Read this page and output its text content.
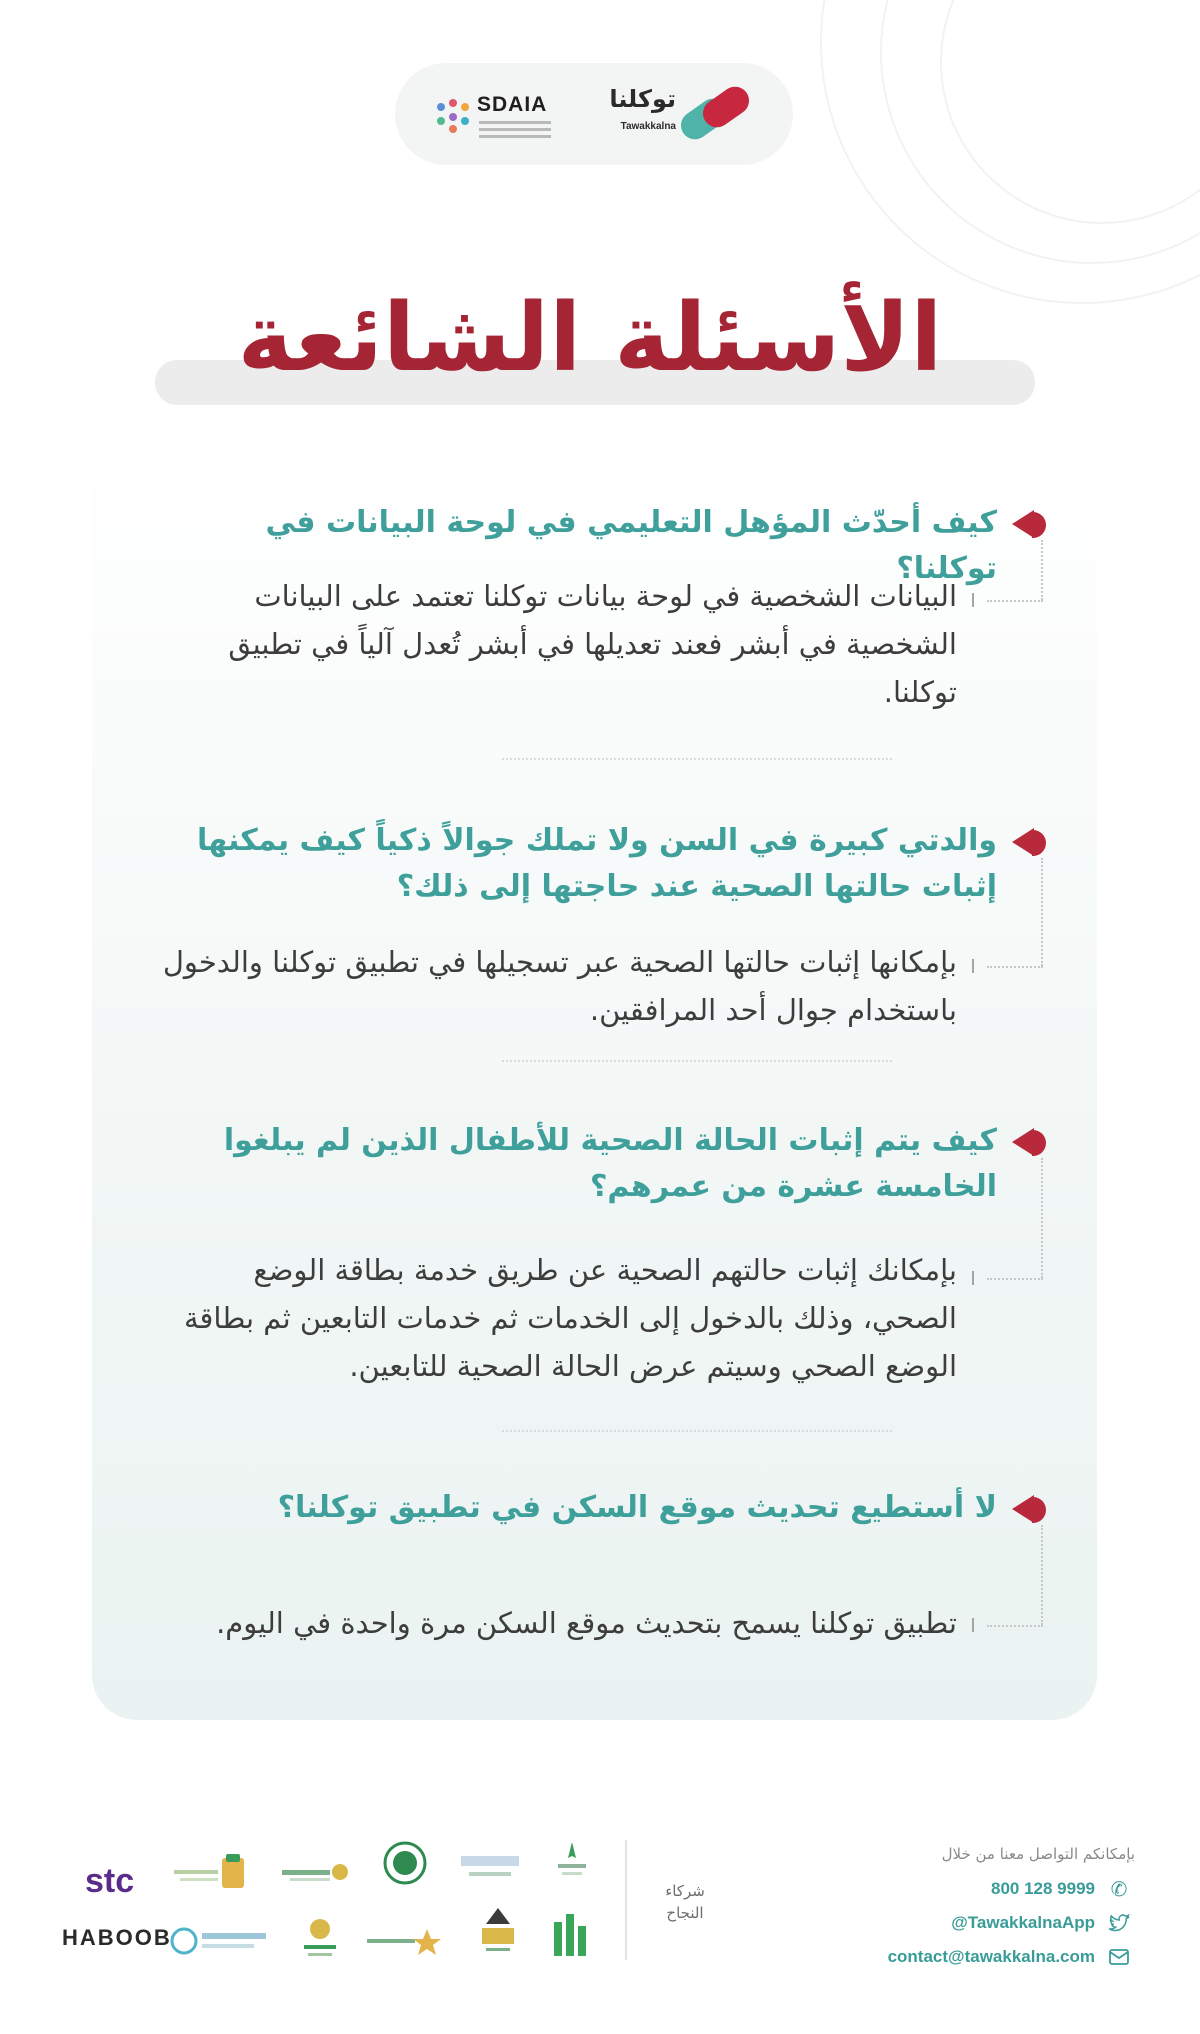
توكلنا
Tawakkalna
SDAIA
الأسئلة الشائعة
كيف أحدّث المؤهل التعليمي في لوحة البيانات في توكلنا؟
البيانات الشخصية في لوحة بيانات توكلنا تعتمد على البيانات الشخصية في أبشر فعند تعديلها في أبشر تُعدل آلياً في تطبيق توكلنا.
والدتي كبيرة في السن ولا تملك جوالاً ذكياً كيف يمكنها إثبات حالتها الصحية عند حاجتها إلى ذلك؟
بإمكانها إثبات حالتها الصحية عبر تسجيلها في تطبيق توكلنا والدخول باستخدام جوال أحد المرافقين.
كيف يتم إثبات الحالة الصحية للأطفال الذين لم يبلغوا الخامسة عشرة من عمرهم؟
بإمكانك إثبات حالتهم الصحية عن طريق خدمة بطاقة الوضع الصحي، وذلك بالدخول إلى الخدمات ثم خدمات التابعين ثم بطاقة الوضع الصحي وسيتم عرض الحالة الصحية للتابعين.
لا أستطيع تحديث موقع السكن في تطبيق توكلنا؟
تطبيق توكلنا يسمح بتحديث موقع السكن مرة واحدة في اليوم.
بإمكانكم التواصل معنا من خلال
✆
800 128 9999
@TawakkalnaApp
contact@tawakkalna.com
شركاء
النجاح
stc
HABOOB
